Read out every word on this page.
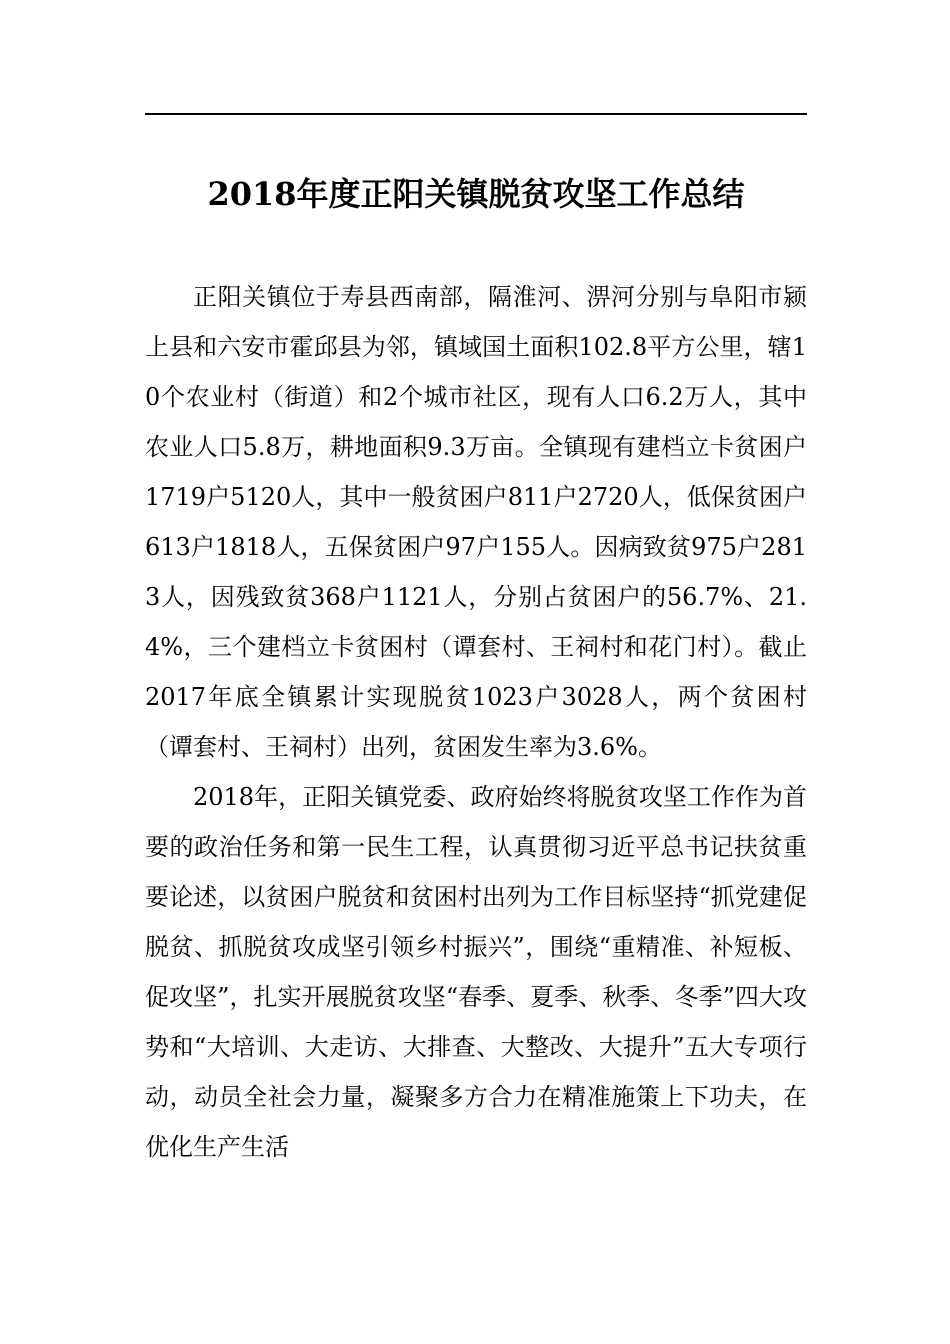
2018年度正阳关镇脱贫攻坚工作总结

正阳关镇位于寿县西南部，隔淮河、淠河分别与阜阳市颍上县和六安市霍邱县为邻，镇域国土面积102.8平方公里，辖10个农业村（街道）和2个城市社区，现有人口6.2万人，其中农业人口5.8万，耕地面积9.3万亩。全镇现有建档立卡贫困户1719户5120人，其中一般贫困户811户2720人，低保贫困户613户1818人，五保贫困户97户155人。因病致贫975户2813人，因残致贫368户1121人，分别占贫困户的56.7%、21.4%，三个建档立卡贫困村（谭套村、王祠村和花门村）。截止2017年底全镇累计实现脱贫1023户3028人，两个贫困村（谭套村、王祠村）出列，贫困发生率为3.6%。

2018年，正阳关镇党委、政府始终将脱贫攻坚工作作为首要的政治任务和第一民生工程，认真贯彻习近平总书记扶贫重要论述，以贫困户脱贫和贫困村出列为工作目标坚持“抓党建促脱贫、抓脱贫攻成坚引领乡村振兴”，围绕“重精准、补短板、促攻坚”，扎实开展脱贫攻坚“春季、夏季、秋季、冬季”四大攻势和“大培训、大走访、大排查、大整改、大提升”五大专项行动，动员全社会力量，凝聚多方合力在精准施策上下功夫，在优化生产生活
